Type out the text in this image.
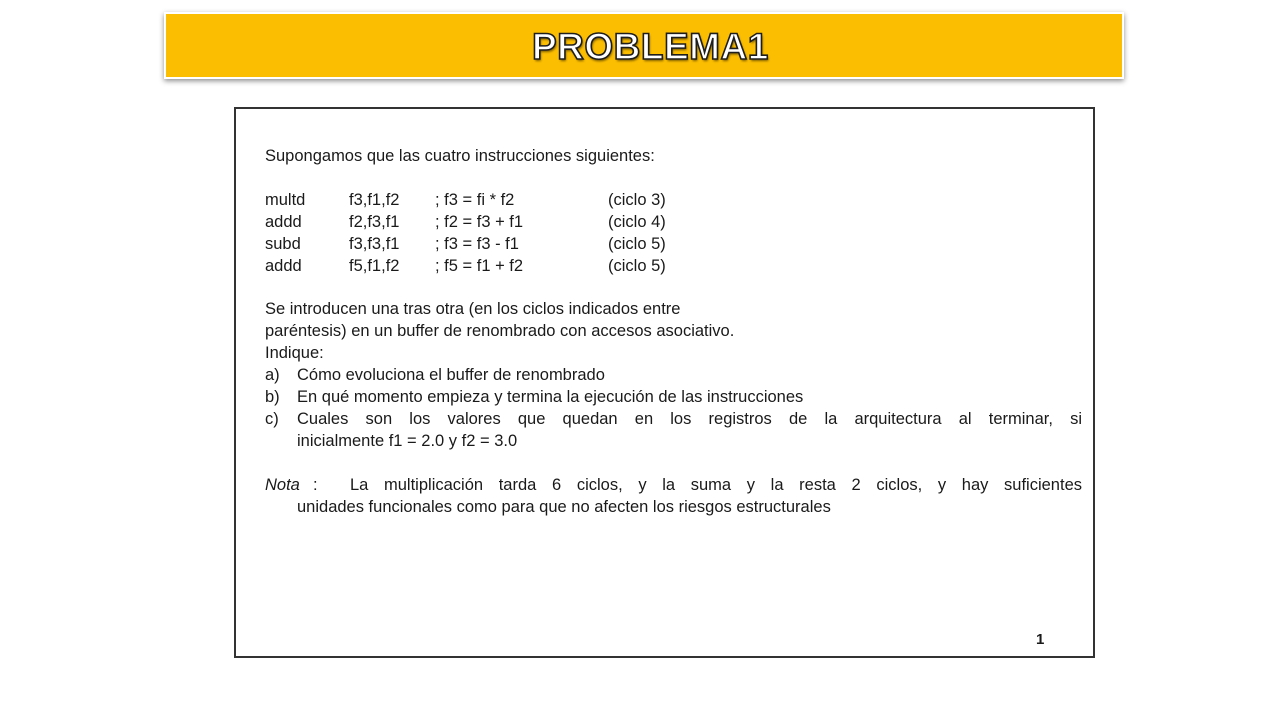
PROBLEMA1
Supongamos que las cuatro instrucciones siguientes:
multd	f3,f1,f2 ; f3 = fi * f2	(ciclo 3)
addd	f2,f3,f1 ; f2 = f3 + f1	(ciclo 4)
subd	f3,f3,f1 ; f3 = f3 - f1	(ciclo 5)
addd	f5,f1,f2 ; f5 = f1 + f2	(ciclo 5)
Se introducen una tras otra (en los ciclos indicados entre
paréntesis) en un buffer de renombrado con accesos asociativo.
Indique:
a) Cómo evoluciona el buffer de renombrado
b) En qué momento empieza y termina la ejecución de las instrucciones
c) Cuales son los valores que quedan en los registros de la arquitectura al terminar, si
inicialmente f1 = 2.0 y f2 = 3.0
Nota : La multiplicación tarda 6 ciclos, y la suma y la resta 2 ciclos, y hay suficientes
unidades funcionales como para que no afecten los riesgos estructurales
1
